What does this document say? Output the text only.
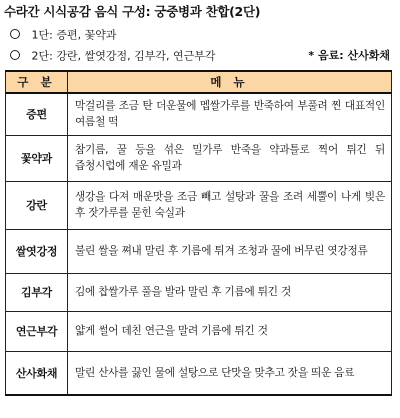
수라간 시식공감 음식 구성: 궁중병과 찬합(2단)
1단: 증편, 꽃약과
2단: 강란, 쌀엿강정, 김부각, 연근부각	* 음료: 산사화채
구 분	메 뉴
증편	막걸리를 조금 탄 더운물에 멥쌀가루를 반죽하여 부풀려 찐 대표적인 여름철 떡
꽃약과	참기름, 꿀 등을 섞은 밀가루 반죽을 약과틀로 찍어 튀긴 뒤 즙청시럽에 재운 유밀과
강란	생강을 다져 매운맛을 조금 빼고 설탕과 꿀을 조려 세뿔이 나게 빚은 후 잣가루를 묻힌 숙실과
쌀엿강정	불린 쌀을 쪄내 말린 후 기름에 튀겨 조청과 꿀에 버무린 엿강정류
김부각	김에 찹쌀가루 풀을 발라 말린 후 기름에 튀긴 것
연근부각	얇게 썰어 데친 연근을 말려 기름에 튀긴 것
산사화채	말린 산사를 끓인 물에 설탕으로 단맛을 맞추고 잣을 띄운 음료
